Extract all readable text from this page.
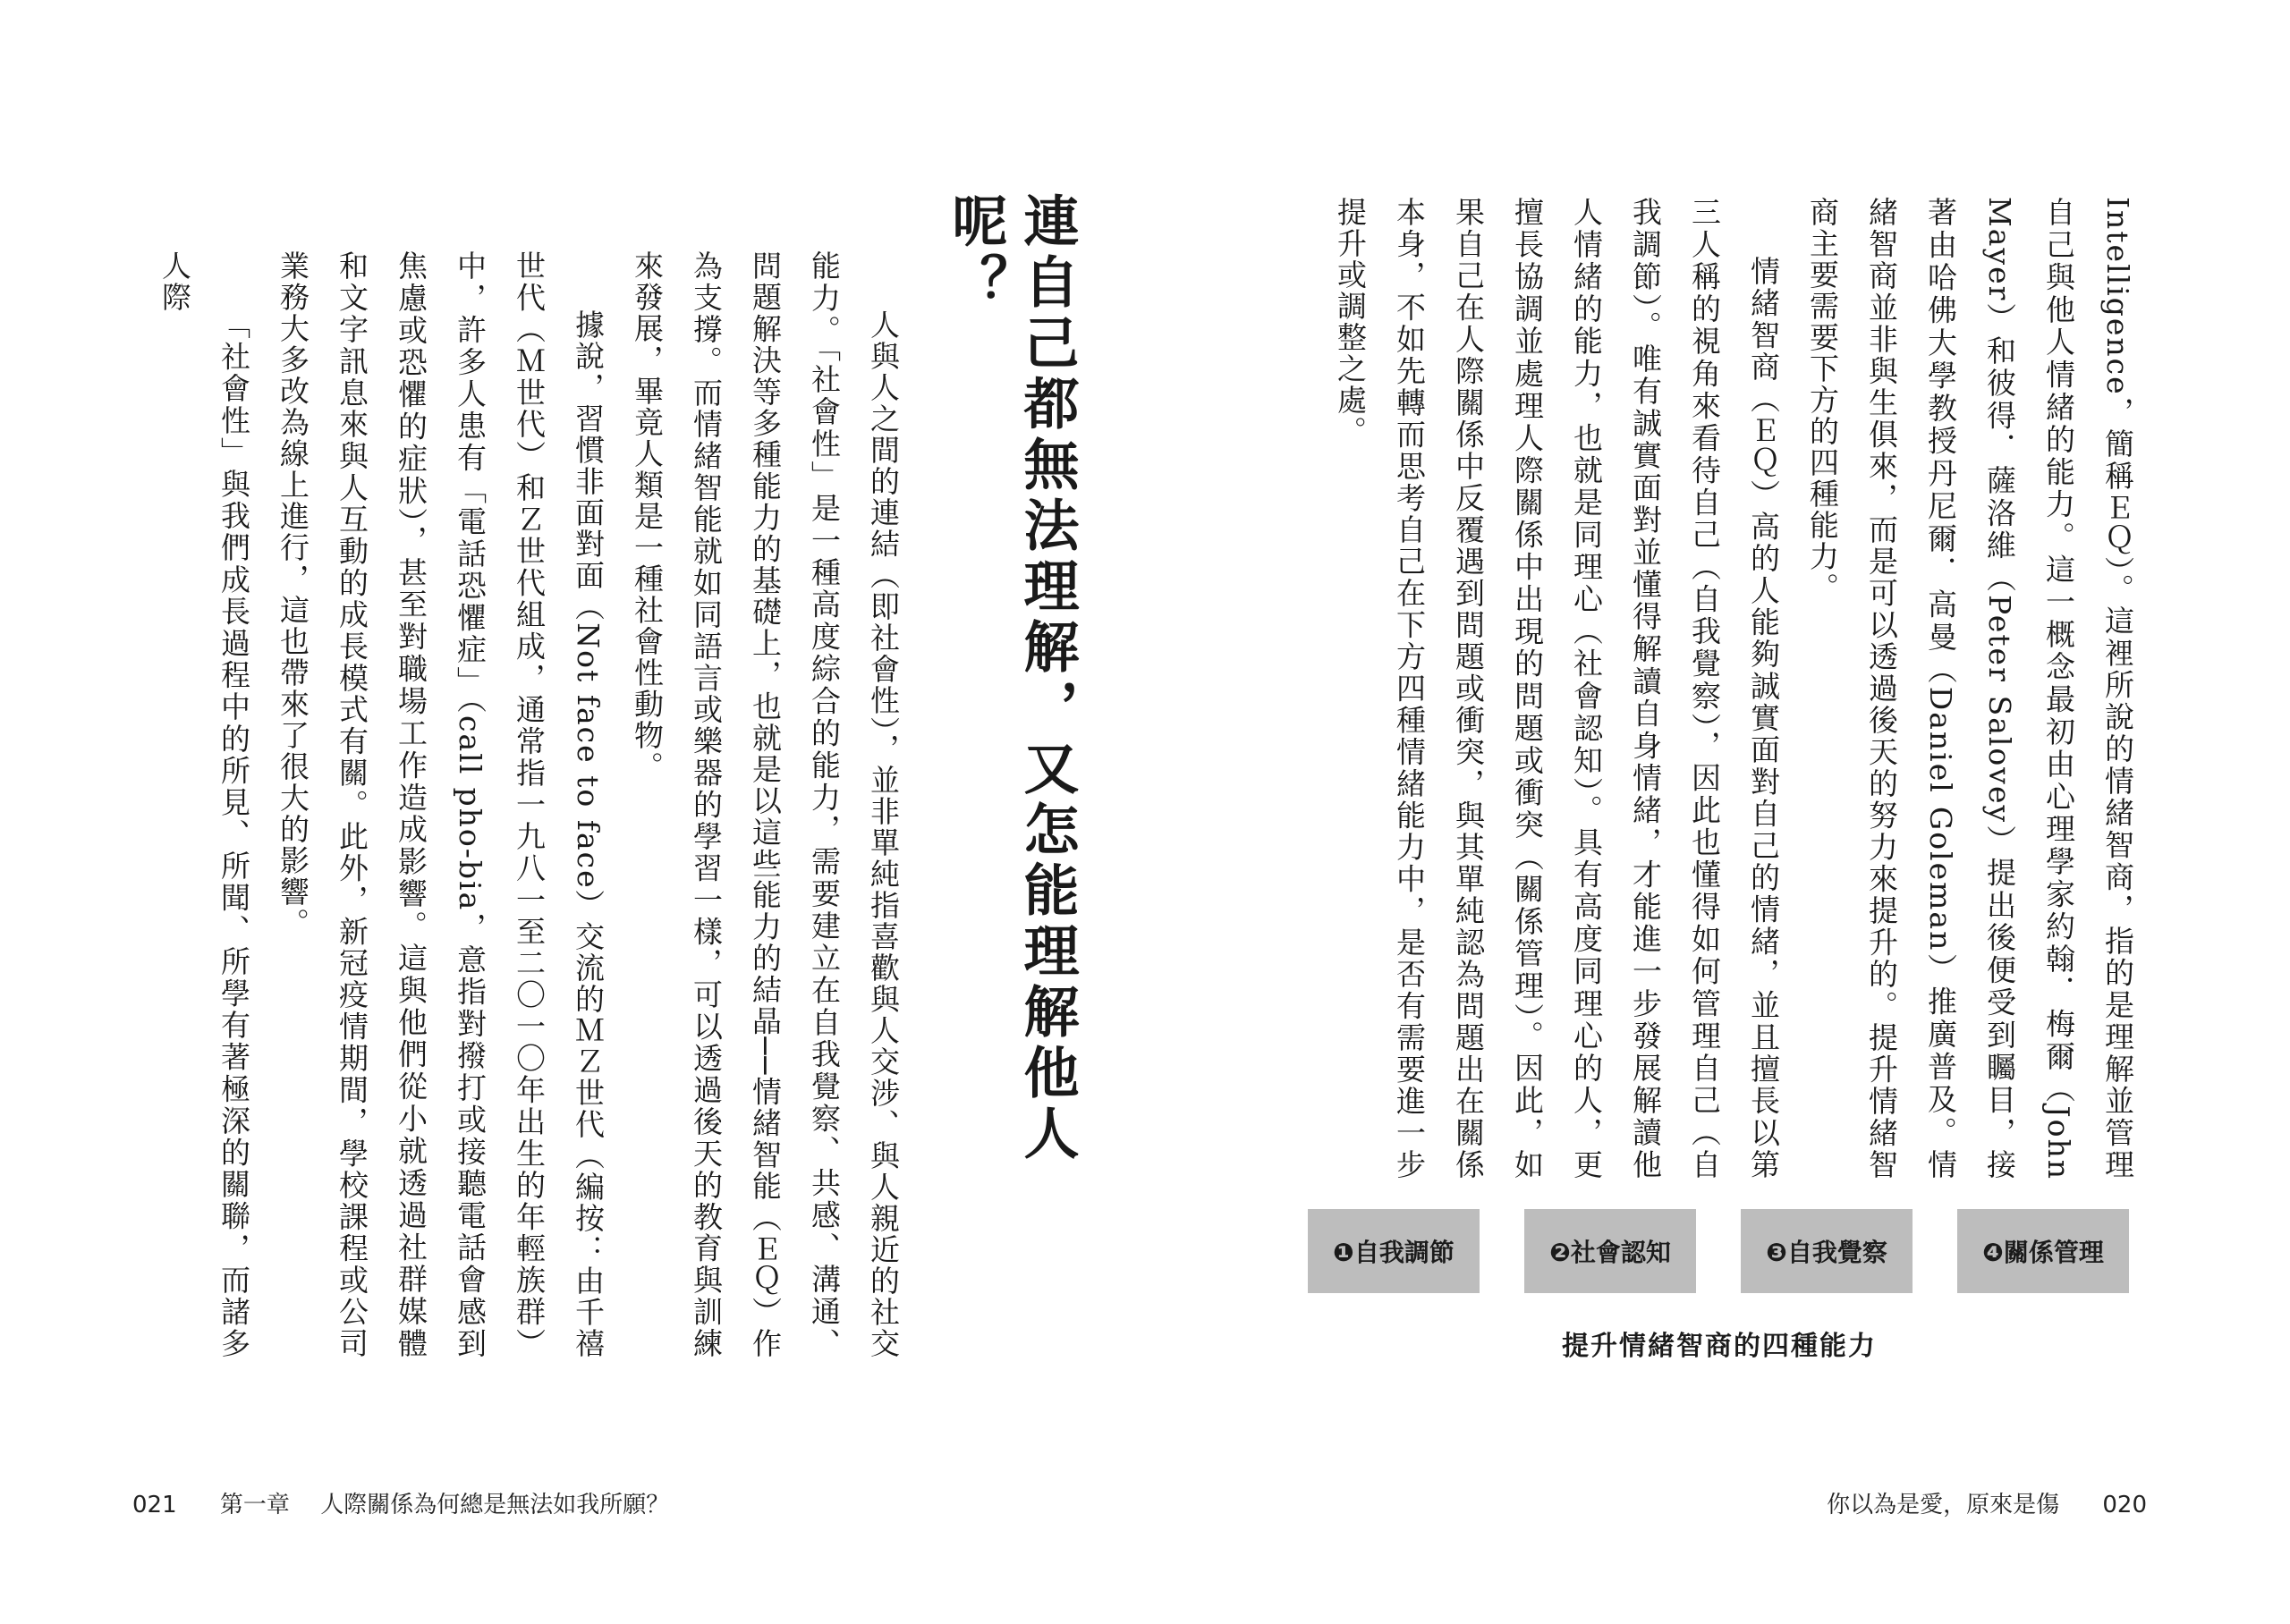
Intelligence，簡稱ＥＱ）。這裡所說的情緒智商，指的是理解並管理自己與他人情緒的能力。這一概念最初由心理學家約翰．梅爾（John Mayer）和彼得．薩洛維（Peter Salovey）提出後便受到矚目，接著由哈佛大學教授丹尼爾．高曼（Daniel Goleman）推廣普及。情緒智商並非與生俱來，而是可以透過後天的努力來提升的。提升情緒智商主要需要下方的四種能力。

情緒智商（ＥＱ）高的人能夠誠實面對自己的情緒，並且擅長以第三人稱的視角來看待自己（自我覺察），因此也懂得如何管理自己（自我調節）。唯有誠實面對並懂得解讀自身情緒，才能進一步發展解讀他人情緒的能力，也就是同理心（社會認知）。具有高度同理心的人，更擅長協調並處理人際關係中出現的問題或衝突（關係管理）。因此，如果自己在人際關係中反覆遇到問題或衝突，與其單純認為問題出在關係本身，不如先轉而思考自己在下方四種情緒能力中，是否有需要進一步提升或調整之處。

❶自我調節	❷社會認知	❸自我覺察	❹關係管理
提升情緒智商的四種能力
連自己都無法理解，又怎能理解他人呢？

人與人之間的連結（即社會性），並非單純指喜歡與人交涉、與人親近的社交能力。「社會性」是一種高度綜合的能力，需要建立在自我覺察、共感、溝通、問題解決等多種能力的基礎上，也就是以這些能力的結晶──情緒智能（ＥＱ）作為支撐。而情緒智能就如同語言或樂器的學習一樣，可以透過後天的教育與訓練來發展，畢竟人類是一種社會性動物。

據說，習慣非面對面（Not face to face）交流的ＭＺ世代（編按：由千禧世代（Ｍ世代）和Ｚ世代組成，通常指一九八一至二〇一〇年出生的年輕族群）中，許多人患有「電話恐懼症」（call pho-bia，意指對撥打或接聽電話會感到焦慮或恐懼的症狀），甚至對職場工作造成影響。這與他們從小就透過社群媒體和文字訊息來與人互動的成長模式有關。此外，新冠疫情期間，學校課程或公司業務大多改為線上進行，這也帶來了很大的影響。

「社會性」與我們成長過程中的所見、所聞、所學有著極深的關聯，而諸多人際

021 第一章 人際關係為何總是無法如我所願？	你以為是愛，原來是傷 020
